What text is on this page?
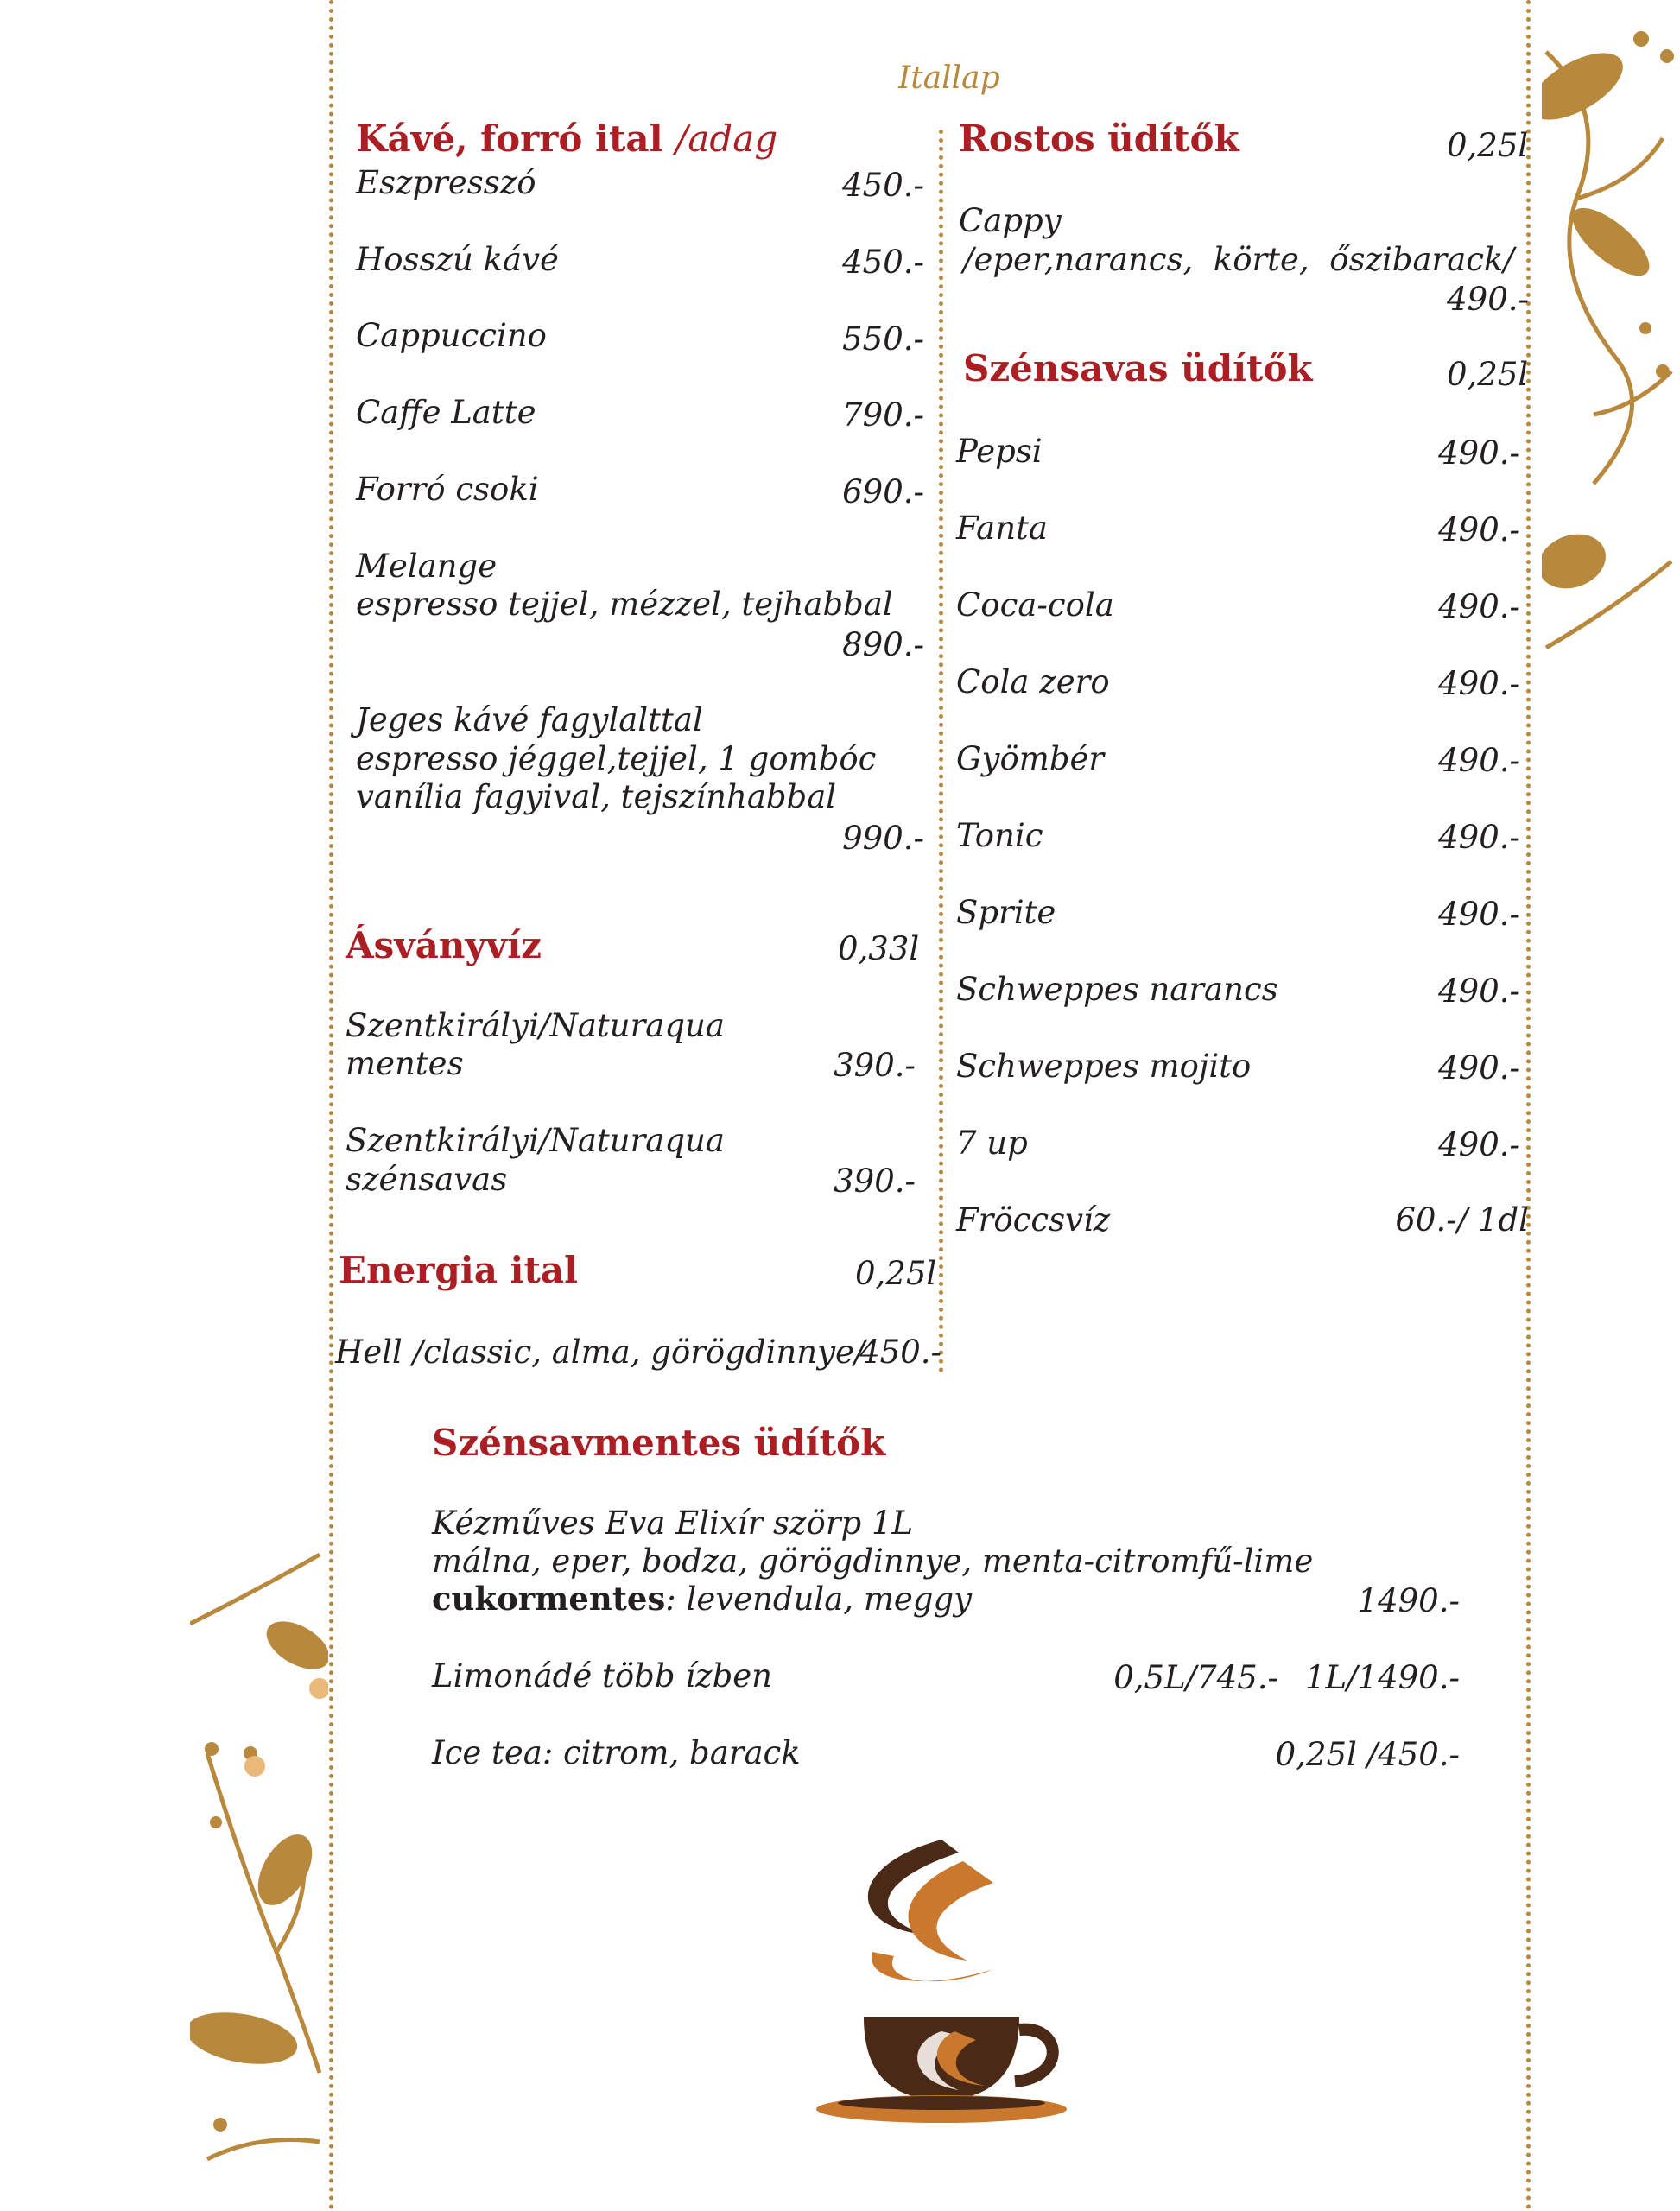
Itallap
Kávé, forró ital /adag
Eszpresszó	450.-
Hosszú kávé	450.-
Cappuccino	550.-
Caffe Latte	790.-
Forró csoki	690.-
Melange
espresso tejjel, mézzel, tejhabbal
890.-
Jeges kávé fagylalttal
espresso jéggel,tejjel, 1 gombóc
vanília fagyival, tejszínhabbal
990.-
Ásványvíz	0,33l
Szentkirályi/Naturaqua
mentes	390.-
Szentkirályi/Naturaqua
szénsavas	390.-
Energia ital	0,25l
Hell /classic, alma, görögdinnye/
450.-
Rostos üdítők	0,25l
Cappy
/eper,narancs,  körte,  őszibarack/
490.-
Szénsavas üdítők	0,25l
Pepsi	490.-
Fanta	490.-
Coca-cola	490.-
Cola zero	490.-
Gyömbér	490.-
Tonic	490.-
Sprite	490.-
Schweppes narancs	490.-
Schweppes mojito	490.-
7 up	490.-
Fröccsvíz	60.-/ 1dl
Szénsavmentes üdítők
Kézműves Eva Elixír szörp 1L
málna, eper, bodza, görögdinnye, menta-citromfű-lime
cukormentes: levendula, meggy	1490.-
Limonádé több ízben	0,5L/745.- 1L/1490.-
Ice tea: citrom, barack	0,25l /450.-
